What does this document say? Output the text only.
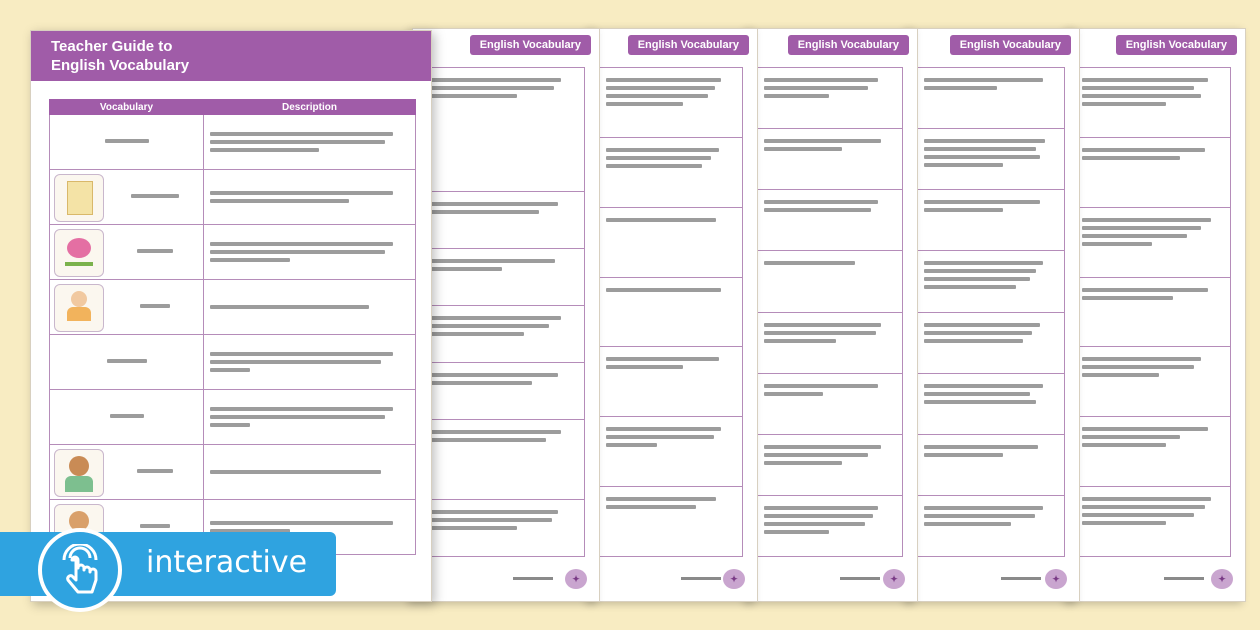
English Vocabulary
✦
English Vocabulary
✦
English Vocabulary
✦
English Vocabulary
✦
English Vocabulary
✦
Teacher Guide to
English Vocabulary
Vocabulary	Description

interactive
